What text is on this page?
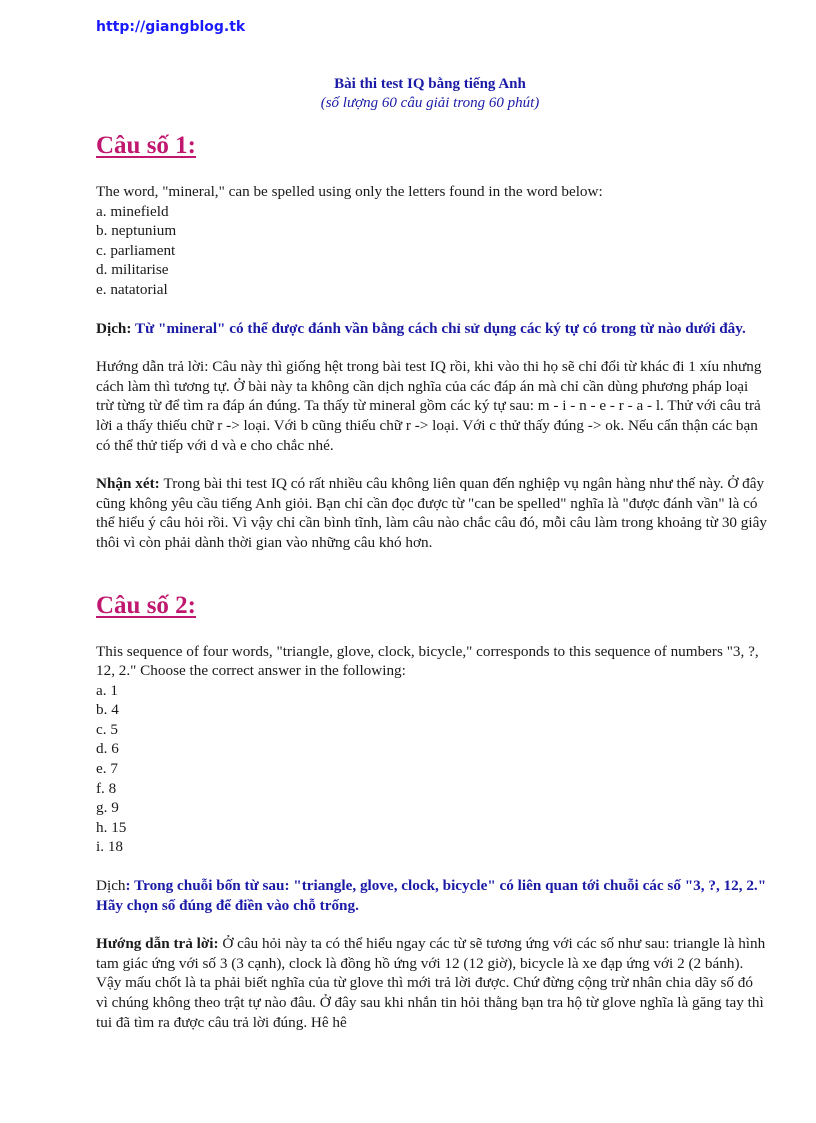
http://giangblog.tk
Bài thi test IQ bằng tiếng Anh
(số lượng 60 câu giải trong 60 phút)
Câu số 1:

The word, "mineral," can be spelled using only the letters found in the word below:

a. minefield
b. neptunium
c. parliament
d. militarise
e. natatorial

Dịch: Từ "mineral" có thể được đánh vần bằng cách chỉ sử dụng các ký tự có trong từ nào dưới đây.

Hướng dẫn trả lời: Câu này thì giống hệt trong bài test IQ rồi, khi vào thi họ sẽ chỉ đổi từ khác đi 1 xíu nhưng cách làm thì tương tự. Ở bài này ta không cần dịch nghĩa của các đáp án mà chỉ cần dùng phương pháp loại trừ từng từ để tìm ra đáp án đúng. Ta thấy từ mineral gồm các ký tự sau: m - i - n - e - r - a - l. Thử với câu trả lời a thấy thiếu chữ r -> loại. Với b cũng thiếu chữ r -> loại. Với c thử thấy đúng -> ok. Nếu cẩn thận các bạn có thể thử tiếp với d và e cho chắc nhé.

Nhận xét: Trong bài thi test IQ có rất nhiều câu không liên quan đến nghiệp vụ ngân hàng như thế này. Ở đây cũng không yêu cầu tiếng Anh giỏi. Bạn chỉ cần đọc được từ "can be spelled" nghĩa là "được đánh vần" là có thể hiểu ý câu hỏi rồi. Vì vậy chỉ cần bình tĩnh, làm câu nào chắc câu đó, mỗi câu làm trong khoảng từ 30 giây thôi vì còn phải dành thời gian vào những câu khó hơn.

Câu số 2:

This sequence of four words, "triangle, glove, clock, bicycle," corresponds to this sequence of numbers "3, ?, 12, 2." Choose the correct answer in the following:

a. 1
b. 4
c. 5
d. 6
e. 7
f. 8
g. 9
h. 15
i. 18

Dịch: Trong chuỗi bốn từ sau: "triangle, glove, clock, bicycle" có liên quan tới chuỗi các số "3, ?, 12, 2." Hãy chọn số đúng để điền vào chỗ trống.

Hướng dẫn trả lời: Ở câu hỏi này ta có thể hiểu ngay các từ sẽ tương ứng với các số như sau: triangle là hình tam giác ứng với số 3 (3 cạnh), clock là đồng hồ ứng với 12 (12 giờ), bicycle là xe đạp ứng với 2 (2 bánh). Vậy mấu chốt là ta phải biết nghĩa của từ glove thì mới trả lời được. Chứ đừng cộng trừ nhân chia dãy số đó vì chúng không theo trật tự nào đâu. Ở đây sau khi nhắn tin hỏi thằng bạn tra hộ từ glove nghĩa là găng tay thì tui đã tìm ra được câu trả lời đúng. Hê hê
